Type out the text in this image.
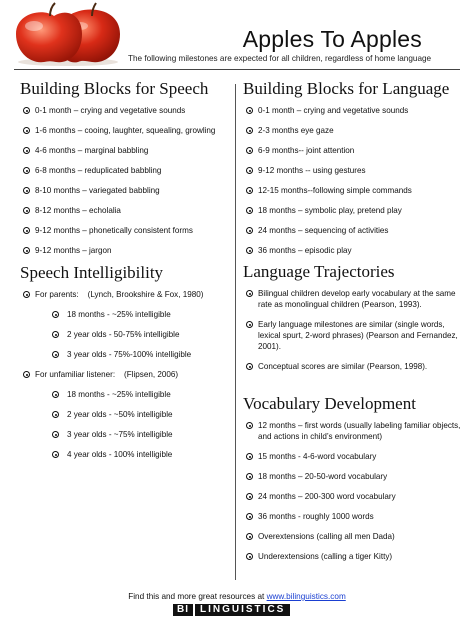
Apples To Apples
The following milestones are expected for all children, regardless of home language
Building Blocks for Speech
0-1 month – crying and vegetative sounds
1-6 months – cooing, laughter, squealing, growling
4-6 months – marginal babbling
6-8 months – reduplicated babbling
8-10 months – variegated babbling
8-12 months – echolalia
9-12 months – phonetically consistent forms
9-12 months – jargon
Speech Intelligibility
For parents:    (Lynch, Brookshire & Fox, 1980)
18 months - ~25% intelligible
2 year olds - 50-75% intelligible
3 year olds - 75%-100% intelligible
For unfamiliar listener:    (Flipsen, 2006)
18 months - ~25% intelligible
2 year olds - ~50% intelligible
3 year olds - ~75% intelligible
4 year olds - 100% intelligible
Building Blocks for Language
0-1 month – crying and vegetative sounds
2-3 months eye gaze
6-9 months-- joint attention
9-12 months -- using gestures
12-15 months--following simple commands
18 months – symbolic play, pretend play
24 months – sequencing of activities
36 months – episodic play
Language Trajectories
Bilingual children develop early vocabulary at the same rate as monolingual children (Pearson, 1993).
Early language milestones are similar (single words, lexical spurt, 2-word phrases) (Pearson and Fernandez, 2001).
Conceptual scores are similar (Pearson, 1998).
Vocabulary Development
12 months – first words (usually labeling familiar objects, and actions in child’s environment)
15 months - 4-6-word vocabulary
18 months – 20-50-word vocabulary
24 months – 200-300 word vocabulary
36 months - roughly 1000 words
Overextensions (calling all men Dada)
Underextensions (calling a tiger Kitty)
Find this and more great resources at www.bilinguistics.com
BI	LINGUISTICS
